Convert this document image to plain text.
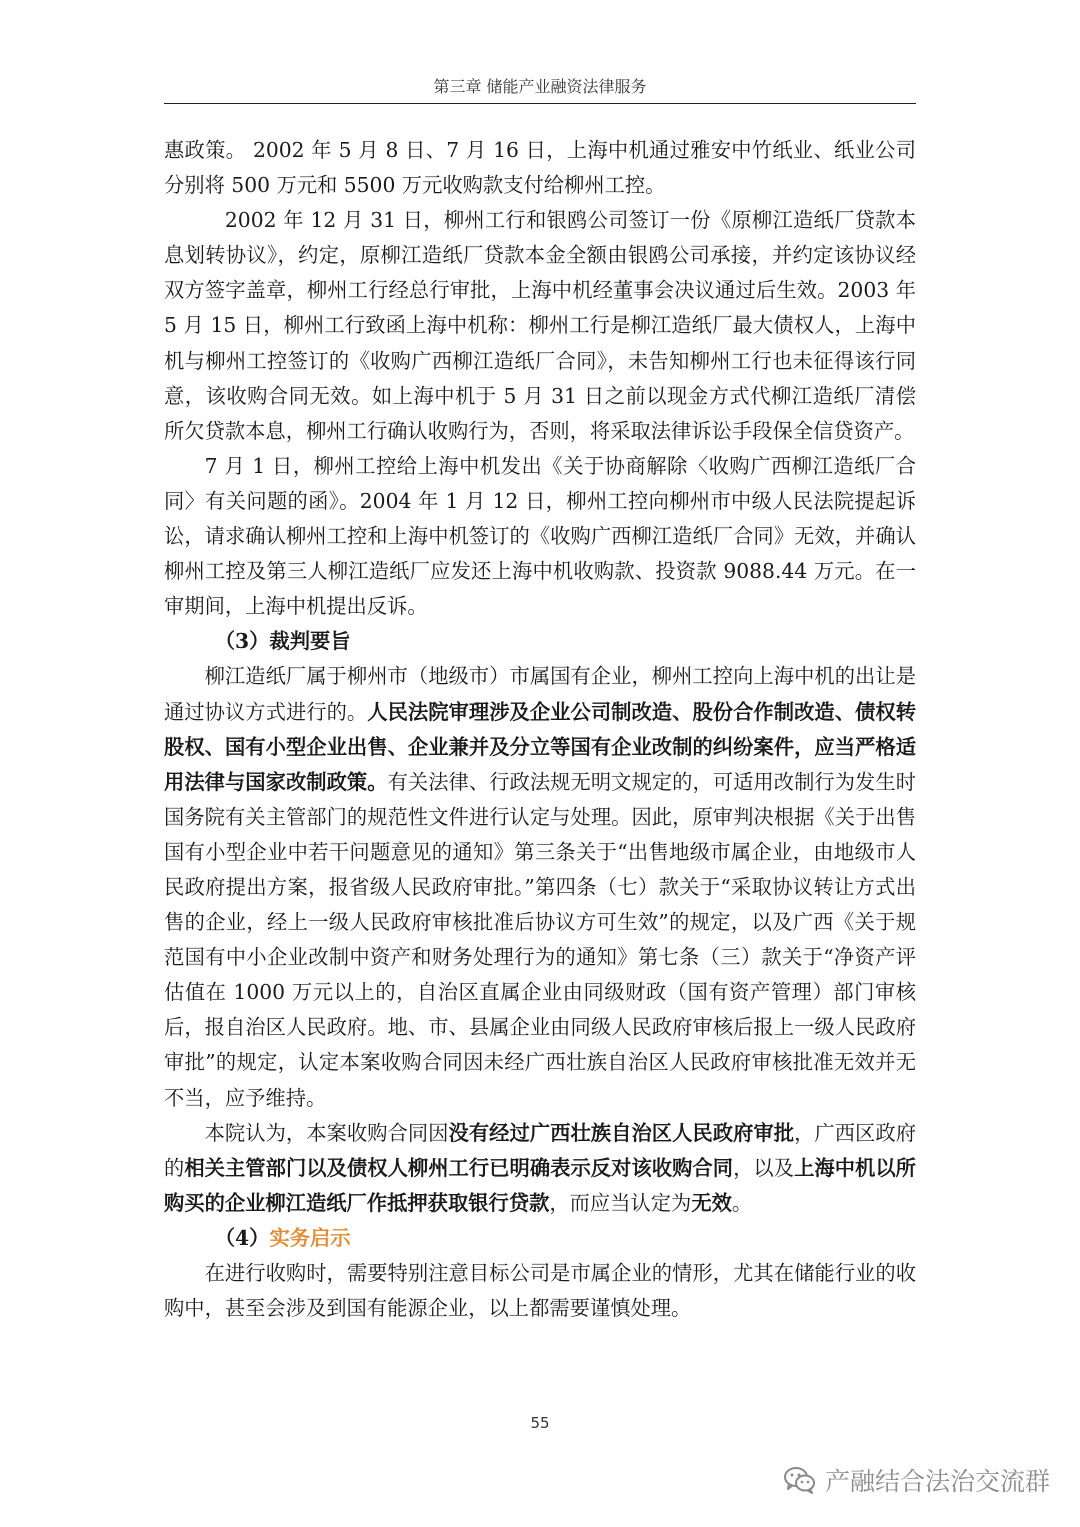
第三章 储能产业融资法律服务

惠政策。 2002 年 5 月 8 日、7 月 16 日，上海中机通过雅安中竹纸业、纸业公司分别将 500 万元和 5500 万元收购款支付给柳州工控。

2002 年 12 月 31 日，柳州工行和银鸥公司签订一份《原柳江造纸厂贷款本息划转协议》，约定，原柳江造纸厂贷款本金全额由银鸥公司承接，并约定该协议经双方签字盖章，柳州工行经总行审批，上海中机经董事会决议通过后生效。2003 年 5 月 15 日，柳州工行致函上海中机称：柳州工行是柳江造纸厂最大债权人，上海中机与柳州工控签订的《收购广西柳江造纸厂合同》，未告知柳州工行也未征得该行同意，该收购合同无效。如上海中机于 5 月 31 日之前以现金方式代柳江造纸厂清偿所欠贷款本息，柳州工行确认收购行为，否则，将采取法律诉讼手段保全信贷资产。

7 月 1 日，柳州工控给上海中机发出《关于协商解除〈收购广西柳江造纸厂合同〉有关问题的函》。2004 年 1 月 12 日，柳州工控向柳州市中级人民法院提起诉讼，请求确认柳州工控和上海中机签订的《收购广西柳江造纸厂合同》无效，并确认柳州工控及第三人柳江造纸厂应发还上海中机收购款、投资款 9088.44 万元。在一审期间，上海中机提出反诉。

（3）裁判要旨

柳江造纸厂属于柳州市（地级市）市属国有企业，柳州工控向上海中机的出让是通过协议方式进行的。人民法院审理涉及企业公司制改造、股份合作制改造、债权转股权、国有小型企业出售、企业兼并及分立等国有企业改制的纠纷案件，应当严格适用法律与国家改制政策。有关法律、行政法规无明文规定的，可适用改制行为发生时国务院有关主管部门的规范性文件进行认定与处理。因此，原审判决根据《关于出售国有小型企业中若干问题意见的通知》第三条关于“出售地级市属企业，由地级市人民政府提出方案，报省级人民政府审批。”第四条（七）款关于“采取协议转让方式出售的企业，经上一级人民政府审核批准后协议方可生效”的规定，以及广西《关于规范国有中小企业改制中资产和财务处理行为的通知》第七条（三）款关于“净资产评估值在 1000 万元以上的，自治区直属企业由同级财政（国有资产管理）部门审核后，报自治区人民政府。地、市、县属企业由同级人民政府审核后报上一级人民政府审批”的规定，认定本案收购合同因未经广西壮族自治区人民政府审核批准无效并无不当，应予维持。

本院认为，本案收购合同因没有经过广西壮族自治区人民政府审批，广西区政府的相关主管部门以及债权人柳州工行已明确表示反对该收购合同，以及上海中机以所购买的企业柳江造纸厂作抵押获取银行贷款，而应当认定为无效。

（4）实务启示

在进行收购时，需要特别注意目标公司是市属企业的情形，尤其在储能行业的收购中，甚至会涉及到国有能源企业，以上都需要谨慎处理。

55
产融结合法治交流群
